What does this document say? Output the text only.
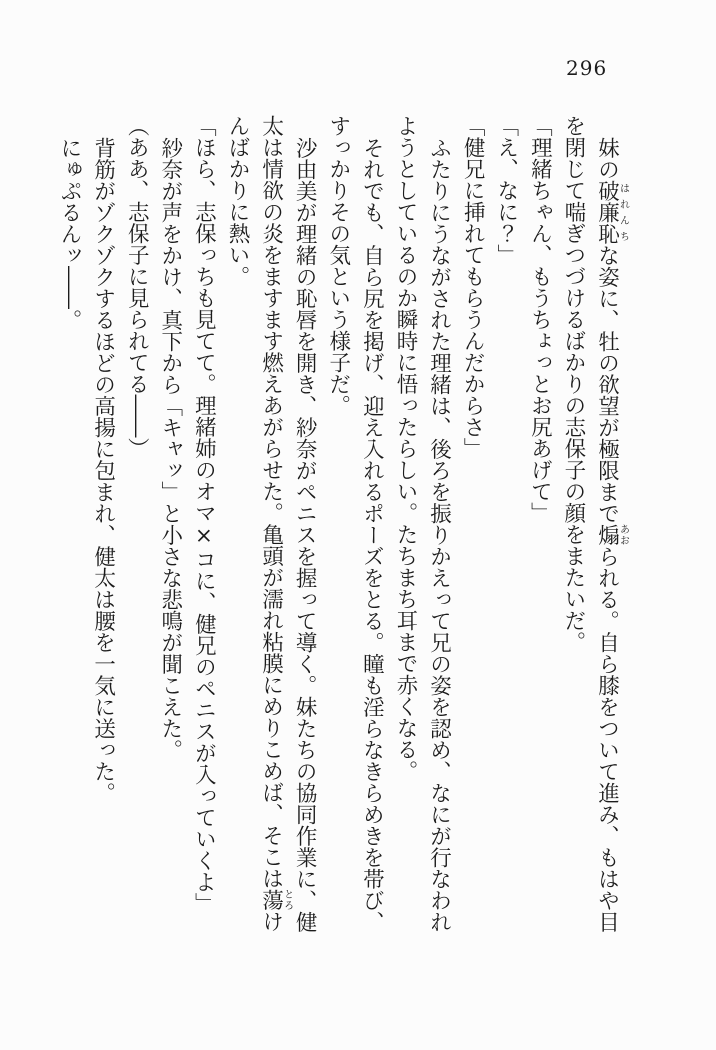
296

妹の破廉恥はれんちな姿に、牡の欲望が極限まで煽あおられる。自ら膝をついて進み、もはや目を閉じて喘ぎつづけるばかりの志保子の顔をまたいだ。

「理緒ちゃん、もうちょっとお尻あげて」

「え、なに？」

「健兄に挿れてもらうんだからさ」

ふたりにうながされた理緒は、後ろを振りかえって兄の姿を認め、なにが行なわれようとしているのか瞬時に悟ったらしい。たちまち耳まで赤くなる。

それでも、自ら尻を掲げ、迎え入れるポーズをとる。瞳も淫らなきらめきを帯び、すっかりその気という様子だ。

沙由美が理緒の恥唇を開き、紗奈がペニスを握って導く。妹たちの協同作業に、健太は情欲の炎をますます燃えあがらせた。亀頭が濡れ粘膜にめりこめば、そこは蕩とろけんばかりに熱い。

「ほら、志保っちも見てて。理緒姉のオマ×コに、健兄のペニスが入っていくよ」

紗奈が声をかけ、真下から「キャッ」と小さな悲鳴が聞こえた。

（ああ、志保子に見られてる――）

背筋がゾクゾクするほどの高揚に包まれ、健太は腰を一気に送った。

にゅぷるんッ――。
